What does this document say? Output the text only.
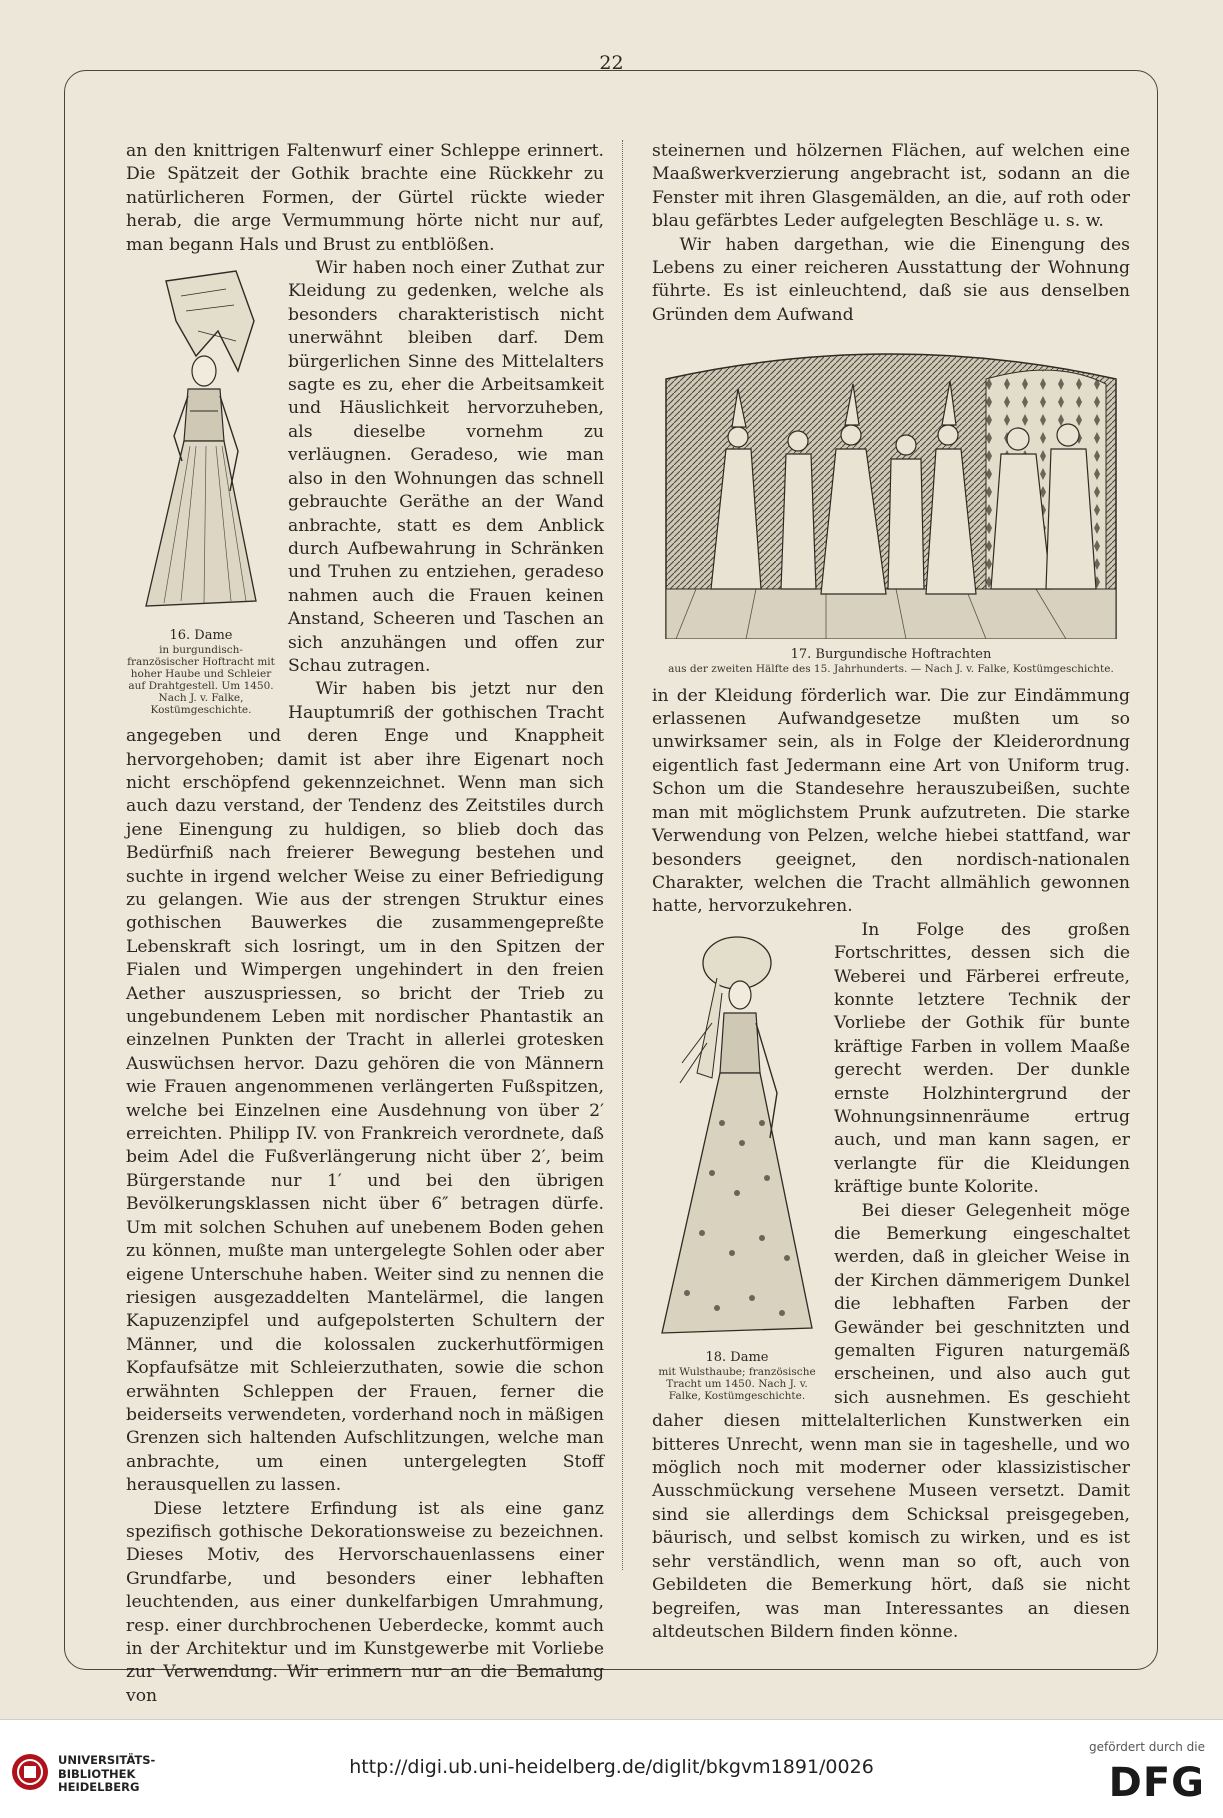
22

an den knittrigen Faltenwurf einer Schleppe erinnert. Die Spätzeit der Gothik brachte eine Rückkehr zu natürlicheren Formen, der Gürtel rückte wieder herab, die arge Vermummung hörte nicht nur auf, man begann Hals und Brust zu entblößen.

16. Dame
in burgundisch-französischer Hoftracht mit hoher Haube und Schleier auf Drahtgestell. Um 1450. Nach J. v. Falke, Kostümgeschichte.

Wir haben noch einer Zuthat zur Kleidung zu gedenken, welche als besonders charakteristisch nicht unerwähnt bleiben darf. Dem bürgerlichen Sinne des Mittelalters sagte es zu, eher die Arbeitsamkeit und Häuslichkeit hervorzuheben, als dieselbe vornehm zu verläugnen. Geradeso, wie man also in den Wohnungen das schnell gebrauchte Geräthe an der Wand anbrachte, statt es dem Anblick durch Aufbewahrung in Schränken und Truhen zu entziehen, geradeso nahmen auch die Frauen keinen Anstand, Scheeren und Taschen an sich anzuhängen und offen zur Schau zutragen.

Wir haben bis jetzt nur den Hauptumriß der gothischen Tracht angegeben und deren Enge und Knappheit hervorgehoben; damit ist aber ihre Eigenart noch nicht erschöpfend gekennzeichnet. Wenn man sich auch dazu verstand, der Tendenz des Zeitstiles durch jene Einengung zu huldigen, so blieb doch das Bedürfniß nach freierer Bewegung bestehen und suchte in irgend welcher Weise zu einer Befriedigung zu gelangen. Wie aus der strengen Struktur eines gothischen Bauwerkes die zusammengepreßte Lebenskraft sich losringt, um in den Spitzen der Fialen und Wimpergen ungehindert in den freien Aether auszuspriessen, so bricht der Trieb zu ungebundenem Leben mit nordischer Phantastik an einzelnen Punkten der Tracht in allerlei grotesken Auswüchsen hervor. Dazu gehören die von Männern wie Frauen angenommenen verlängerten Fußspitzen, welche bei Einzelnen eine Ausdehnung von über 2′ erreichten. Philipp IV. von Frankreich verordnete, daß beim Adel die Fußverlängerung nicht über 2′, beim Bürgerstande nur 1′ und bei den übrigen Bevölkerungsklassen nicht über 6″ betragen dürfe. Um mit solchen Schuhen auf unebenem Boden gehen zu können, mußte man untergelegte Sohlen oder aber eigene Unterschuhe haben. Weiter sind zu nennen die riesigen ausgezaddelten Mantelärmel, die langen Kapuzenzipfel und aufgepolsterten Schultern der Männer, und die kolossalen zuckerhutförmigen Kopfaufsätze mit Schleierzuthaten, sowie die schon erwähnten Schleppen der Frauen, ferner die beiderseits verwendeten, vorderhand noch in mäßigen Grenzen sich haltenden Aufschlitzungen, welche man anbrachte, um einen untergelegten Stoff herausquellen zu lassen.

Diese letztere Erfindung ist als eine ganz spezifisch gothische Dekorationsweise zu bezeichnen. Dieses Motiv, des Hervorschauenlassens einer Grundfarbe, und besonders einer lebhaften leuchtenden, aus einer dunkelfarbigen Umrahmung, resp. einer durchbrochenen Ueberdecke, kommt auch in der Architektur und im Kunstgewerbe mit Vorliebe zur Verwendung. Wir erinnern nur an die Bemalung von

steinernen und hölzernen Flächen, auf welchen eine Maaßwerkverzierung angebracht ist, sodann an die Fenster mit ihren Glasgemälden, an die, auf roth oder blau gefärbtes Leder aufgelegten Beschläge u. s. w.

Wir haben dargethan, wie die Einengung des Lebens zu einer reicheren Ausstattung der Wohnung führte. Es ist einleuchtend, daß sie aus denselben Gründen dem Aufwand

17. Burgundische Hoftrachten
aus der zweiten Hälfte des 15. Jahrhunderts. — Nach J. v. Falke, Kostümgeschichte.

in der Kleidung förderlich war. Die zur Eindämmung erlassenen Aufwandgesetze mußten um so unwirksamer sein, als in Folge der Kleiderordnung eigentlich fast Jedermann eine Art von Uniform trug. Schon um die Standesehre herauszubeißen, suchte man mit möglichstem Prunk aufzutreten. Die starke Verwendung von Pelzen, welche hiebei stattfand, war besonders geeignet, den nordisch-nationalen Charakter, welchen die Tracht allmählich gewonnen hatte, hervorzukehren.

18. Dame
mit Wulsthaube; französische Tracht um 1450. Nach J. v. Falke, Kostümgeschichte.

In Folge des großen Fortschrittes, dessen sich die Weberei und Färberei erfreute, konnte letztere Technik der Vorliebe der Gothik für bunte kräftige Farben in vollem Maaße gerecht werden. Der dunkle ernste Holzhintergrund der Wohnungsinnenräume ertrug auch, und man kann sagen, er verlangte für die Kleidungen kräftige bunte Kolorite.

Bei dieser Gelegenheit möge die Bemerkung eingeschaltet werden, daß in gleicher Weise in der Kirchen dämmerigem Dunkel die lebhaften Farben der Gewänder bei geschnitzten und gemalten Figuren naturgemäß erscheinen, und also auch gut sich ausnehmen. Es geschieht daher diesen mittelalterlichen Kunstwerken ein bitteres Unrecht, wenn man sie in tageshelle, und wo möglich noch mit moderner oder klassizistischer Ausschmückung versehene Museen versetzt. Damit sind sie allerdings dem Schicksal preisgegeben, bäurisch, und selbst komisch zu wirken, und es ist sehr verständlich, wenn man so oft, auch von Gebildeten die Bemerkung hört, daß sie nicht begreifen, was man Interessantes an diesen altdeutschen Bildern finden könne.

UNIVERSITÄTS-
BIBLIOTHEK
HEIDELBERG
http://digi.ub.uni-heidelberg.de/diglit/bkgvm1891/0026
gefördert durch die
DFG
